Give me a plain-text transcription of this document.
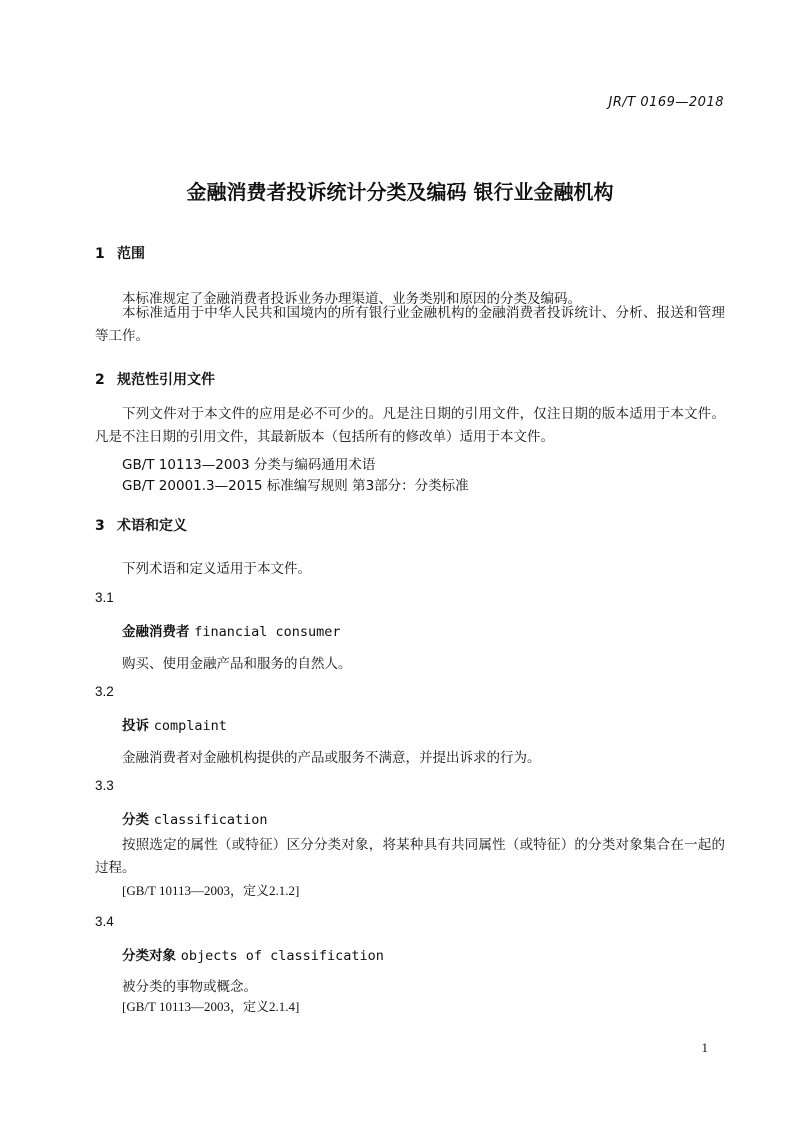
JR/T 0169—2018

金融消费者投诉统计分类及编码 银行业金融机构
1 范围

本标准规定了金融消费者投诉业务办理渠道、业务类别和原因的分类及编码。

本标准适用于中华人民共和国境内的所有银行业金融机构的金融消费者投诉统计、分析、报送和管理等工作。

2 规范性引用文件

下列文件对于本文件的应用是必不可少的。凡是注日期的引用文件，仅注日期的版本适用于本文件。凡是不注日期的引用文件，其最新版本（包括所有的修改单）适用于本文件。

GB/T 10113—2003 分类与编码通用术语

GB/T 20001.3—2015 标准编写规则 第3部分：分类标准

3 术语和定义

下列术语和定义适用于本文件。

3.1

金融消费者 financial consumer

购买、使用金融产品和服务的自然人。

3.2

投诉 complaint

金融消费者对金融机构提供的产品或服务不满意，并提出诉求的行为。

3.3

分类 classification

按照选定的属性（或特征）区分分类对象，将某种具有共同属性（或特征）的分类对象集合在一起的过程。

[GB/T 10113—2003，定义2.1.2]

3.4

分类对象 objects of classification

被分类的事物或概念。

[GB/T 10113—2003，定义2.1.4]

1
